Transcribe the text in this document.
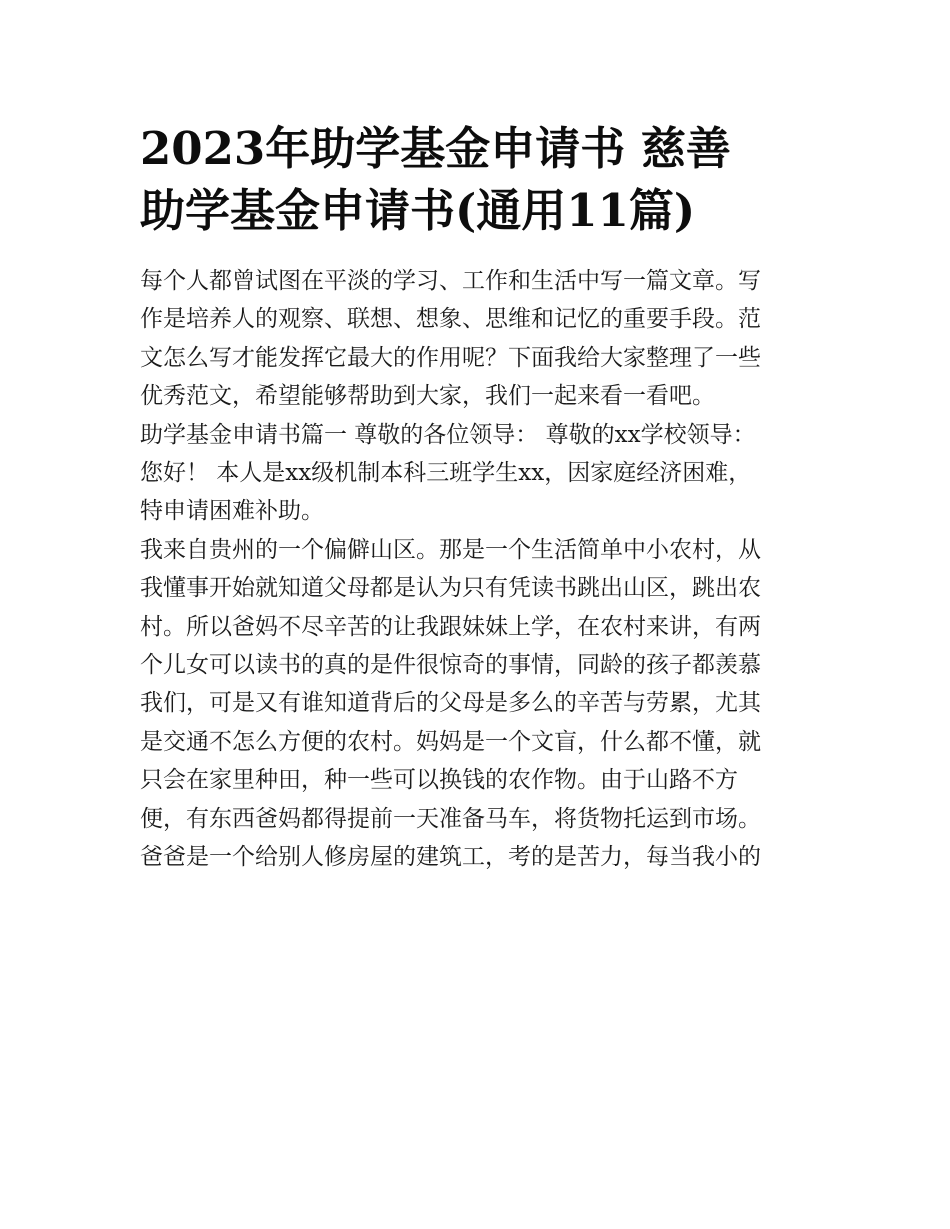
2023年助学基金申请书 慈善
助学基金申请书(通用11篇)

每个人都曾试图在平淡的学习、工作和生活中写一篇文章。写
作是培养人的观察、联想、想象、思维和记忆的重要手段。范
文怎么写才能发挥它最大的作用呢？下面我给大家整理了一些
优秀范文，希望能够帮助到大家，我们一起来看一看吧。

助学基金申请书篇一 尊敬的各位领导： 尊敬的xx学校领导：
您好！ 本人是xx级机制本科三班学生xx，因家庭经济困难，
特申请困难补助。

我来自贵州的一个偏僻山区。那是一个生活简单中小农村，从
我懂事开始就知道父母都是认为只有凭读书跳出山区，跳出农
村。所以爸妈不尽辛苦的让我跟妹妹上学，在农村来讲，有两
个儿女可以读书的真的是件很惊奇的事情，同龄的孩子都羡慕
我们，可是又有谁知道背后的父母是多么的辛苦与劳累，尤其
是交通不怎么方便的农村。妈妈是一个文盲，什么都不懂，就
只会在家里种田，种一些可以换钱的农作物。由于山路不方
便，有东西爸妈都得提前一天准备马车，将货物托运到市场。
爸爸是一个给别人修房屋的建筑工，考的是苦力，每当我小的
